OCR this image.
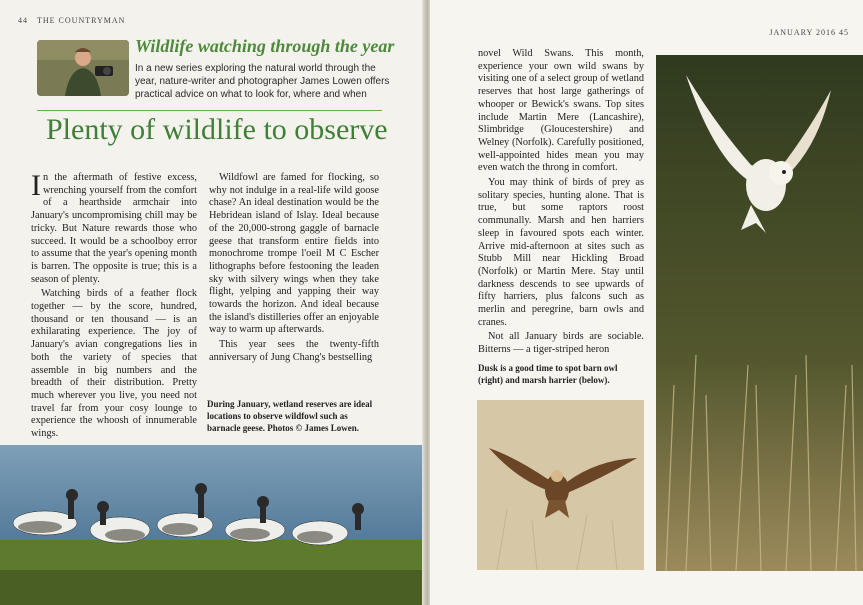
44 THE COUNTRYMAN
Wildlife watching through the year
In a new series exploring the natural world through the year, nature-writer and photographer James Lowen offers practical advice on what to look for, where and when
Plenty of wildlife to observe

In the aftermath of festive excess, wrenching yourself from the comfort of a hearthside armchair into January's uncompromising chill may be tricky. But Nature rewards those who succeed. It would be a schoolboy error to assume that the year's opening month is barren. The opposite is true; this is a season of plenty.

Watching birds of a feather flock together — by the score, hundred, thousand or ten thousand — is an exhilarating experience. The joy of January's avian congregations lies in both the variety of species that assemble in big numbers and the breadth of their distribution. Pretty much wherever you live, you need not travel far from your cosy lounge to experience the whoosh of innumerable wings.

Wildfowl are famed for flocking, so why not indulge in a real-life wild goose chase? An ideal destination would be the Hebridean island of Islay. Ideal because of the 20,000-strong gaggle of barnacle geese that transform entire fields into monochrome trompe l'oeil M C Escher lithographs before festooning the leaden sky with silvery wings when they take flight, yelping and yapping their way towards the horizon. And ideal because the island's distilleries offer an enjoyable way to warm up afterwards.

This year sees the twenty-fifth anniversary of Jung Chang's bestselling

During January, wetland reserves are ideal locations to observe wildfowl such as barnacle geese. Photos © James Lowen.
JANUARY 2016 45

novel Wild Swans. This month, experience your own wild swans by visiting one of a select group of wetland reserves that host large gatherings of whooper or Bewick's swans. Top sites include Martin Mere (Lancashire), Slimbridge (Gloucestershire) and Welney (Norfolk). Carefully positioned, well-appointed hides mean you may even watch the throng in comfort.

You may think of birds of prey as solitary species, hunting alone. That is true, but some raptors roost communally. Marsh and hen harriers sleep in favoured spots each winter. Arrive mid-afternoon at sites such as Stubb Mill near Hickling Broad (Norfolk) or Martin Mere. Stay until darkness descends to see upwards of fifty harriers, plus falcons such as merlin and peregrine, barn owls and cranes.

Not all January birds are sociable. Bitterns — a tiger-striped heron

Dusk is a good time to spot barn owl (right) and marsh harrier (below).
